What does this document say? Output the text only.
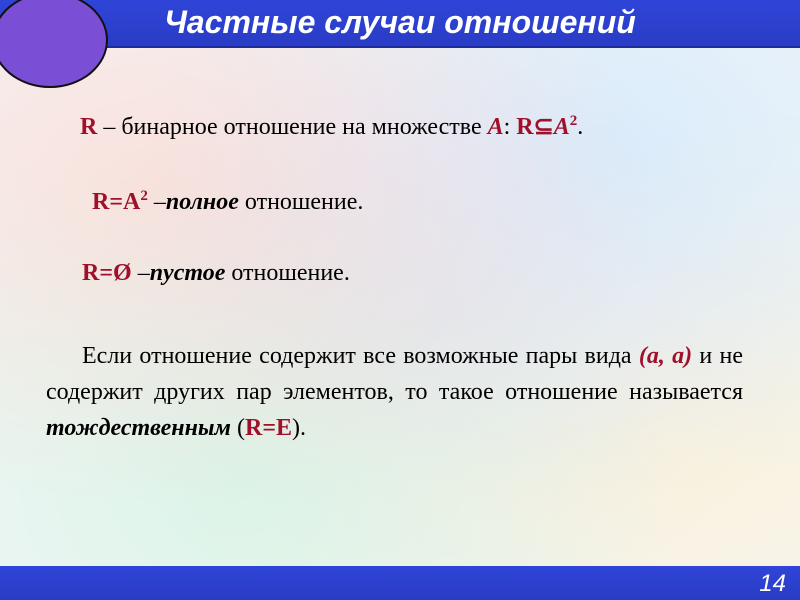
Частные случаи отношений
R – бинарное отношение на множестве A: $R⊆A^2$.
$R=A^2$ –полное отношение.
R=Ø –пустое отношение.
Если отношение содержит все возможные пары вида (a, a) и не содержит других пар элементов, то такое отношение называется тождественным (R=E).
14
